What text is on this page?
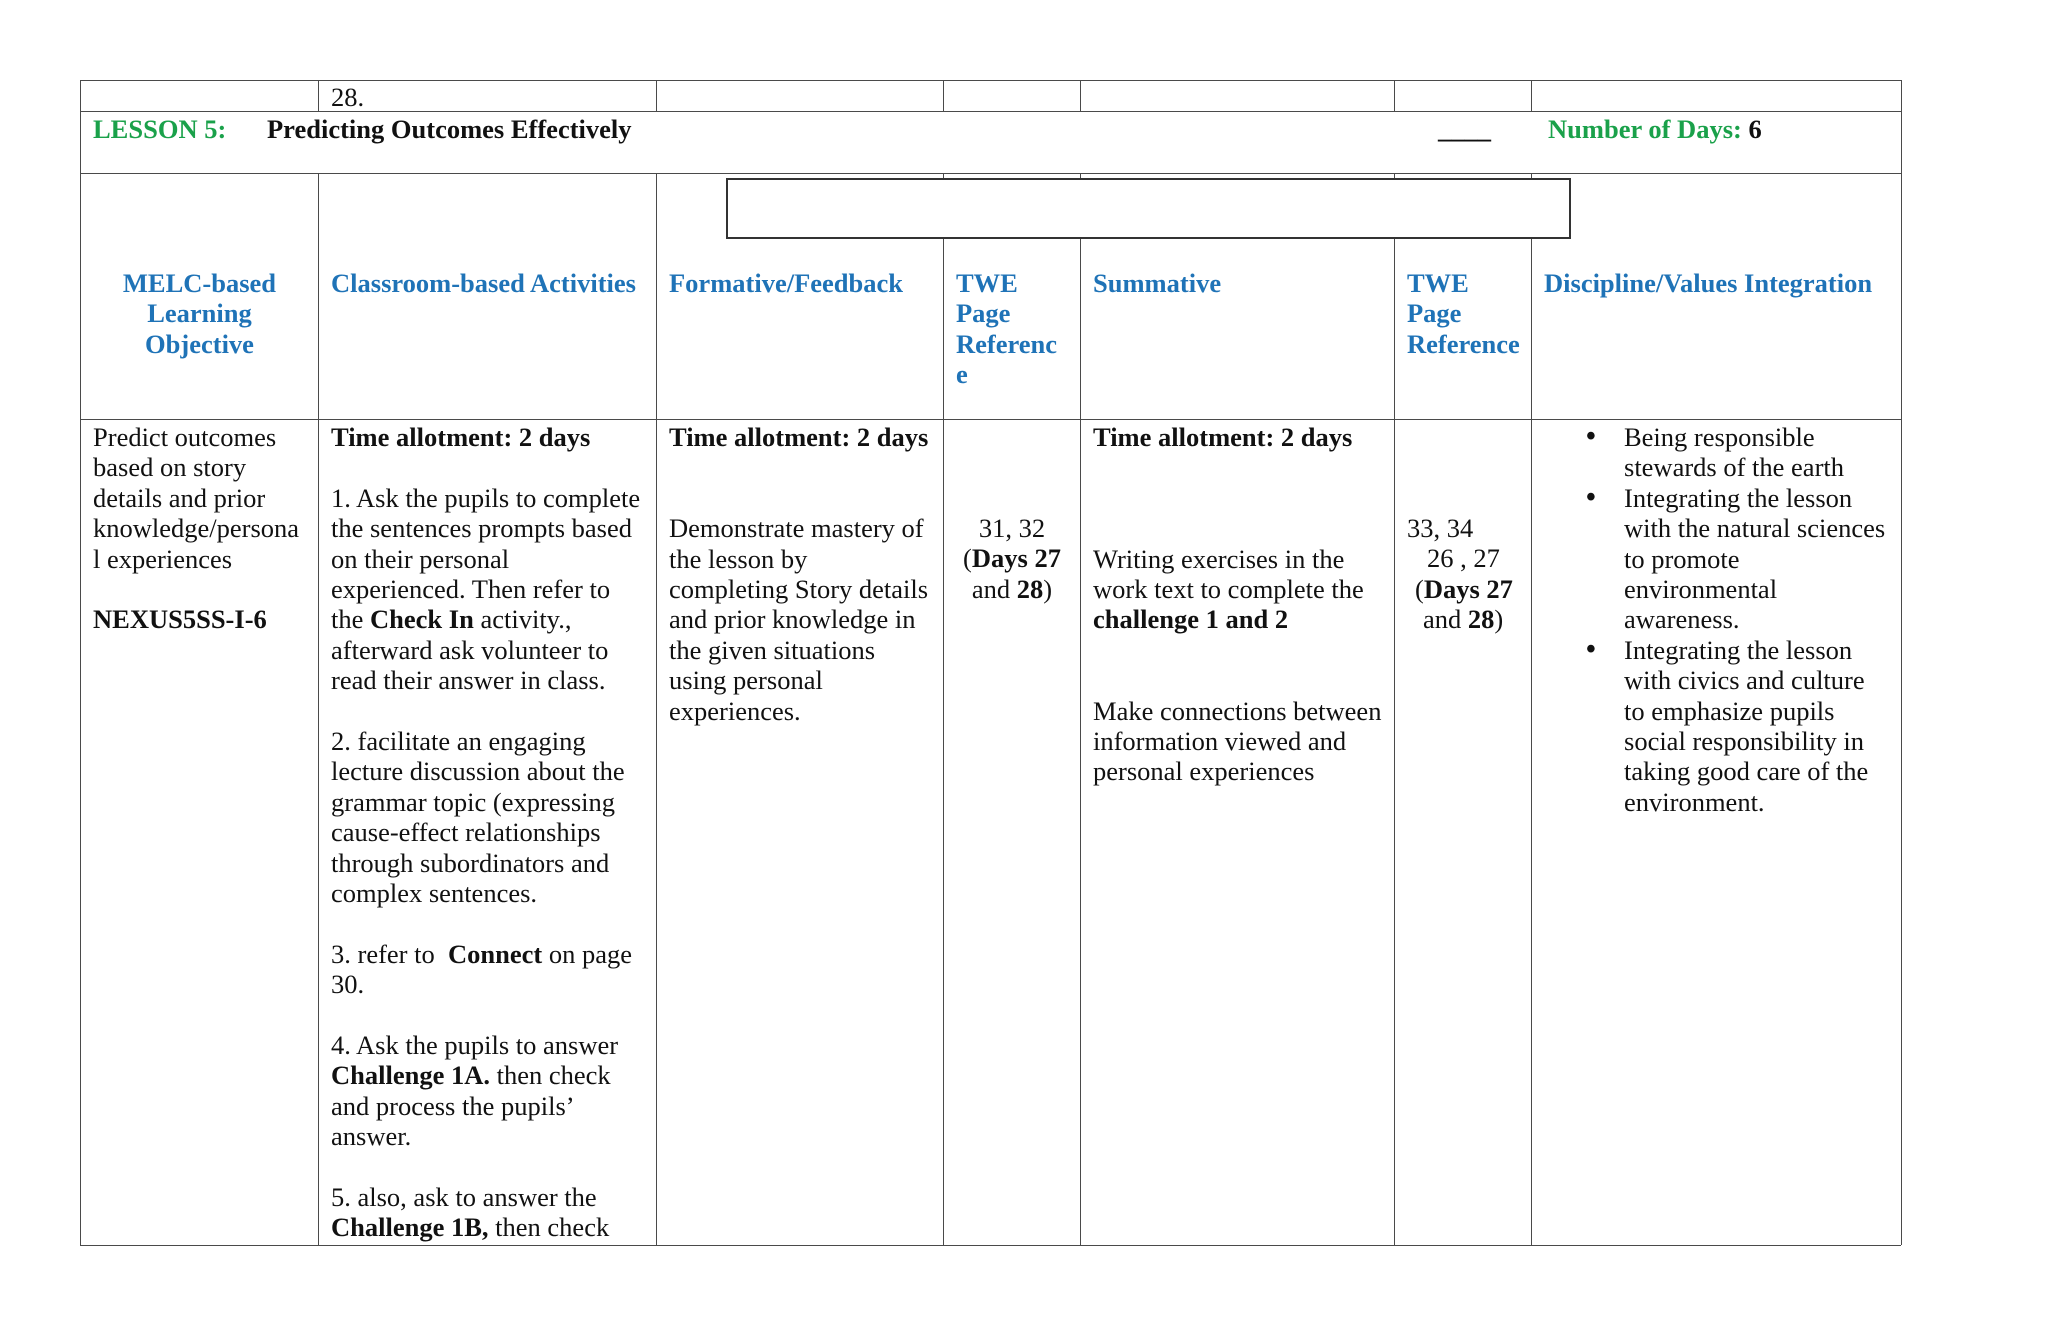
28.
LESSON 5: Predicting Outcomes Effectively	____ Number of Days: 6
MELC-based
Learning
Objective
Classroom-based Activities Formative/Feedback TWE
Page
Referenc
e
Summative	TWE
Page
Reference
Discipline/Values Integration
Predict outcomes
based on story
details and prior
knowledge/persona
l experiences
NEXUS5SS-I-6
Time allotment: 2 days
1. Ask the pupils to complete
the sentences prompts based
on their personal
experienced. Then refer to
the Check In activity.,
afterward ask volunteer to
read their answer in class.
2. facilitate an engaging
lecture discussion about the
grammar topic (expressing
cause-effect relationships
through subordinators and
complex sentences.
3. refer to  Connect on page
30.
4. Ask the pupils to answer
Challenge 1A. then check
and process the pupils’
answer.
5. also, ask to answer the
Challenge 1B, then check
Time allotment: 2 days
Demonstrate mastery of
the lesson by
completing Story details
and prior knowledge in
the given situations
using personal
experiences.
31, 32
(Days 27
and 28)
Time allotment: 2 days
Writing exercises in the
work text to complete the
challenge 1 and 2
Make connections between
information viewed and
personal experiences
33, 34
26 , 27
(Days 27
and 28)
• Being responsible
stewards of the earth
• Integrating the lesson
with the natural sciences
to promote
environmental
awareness.
• Integrating the lesson
with civics and culture
to emphasize pupils
social responsibility in
taking good care of the
environment.
